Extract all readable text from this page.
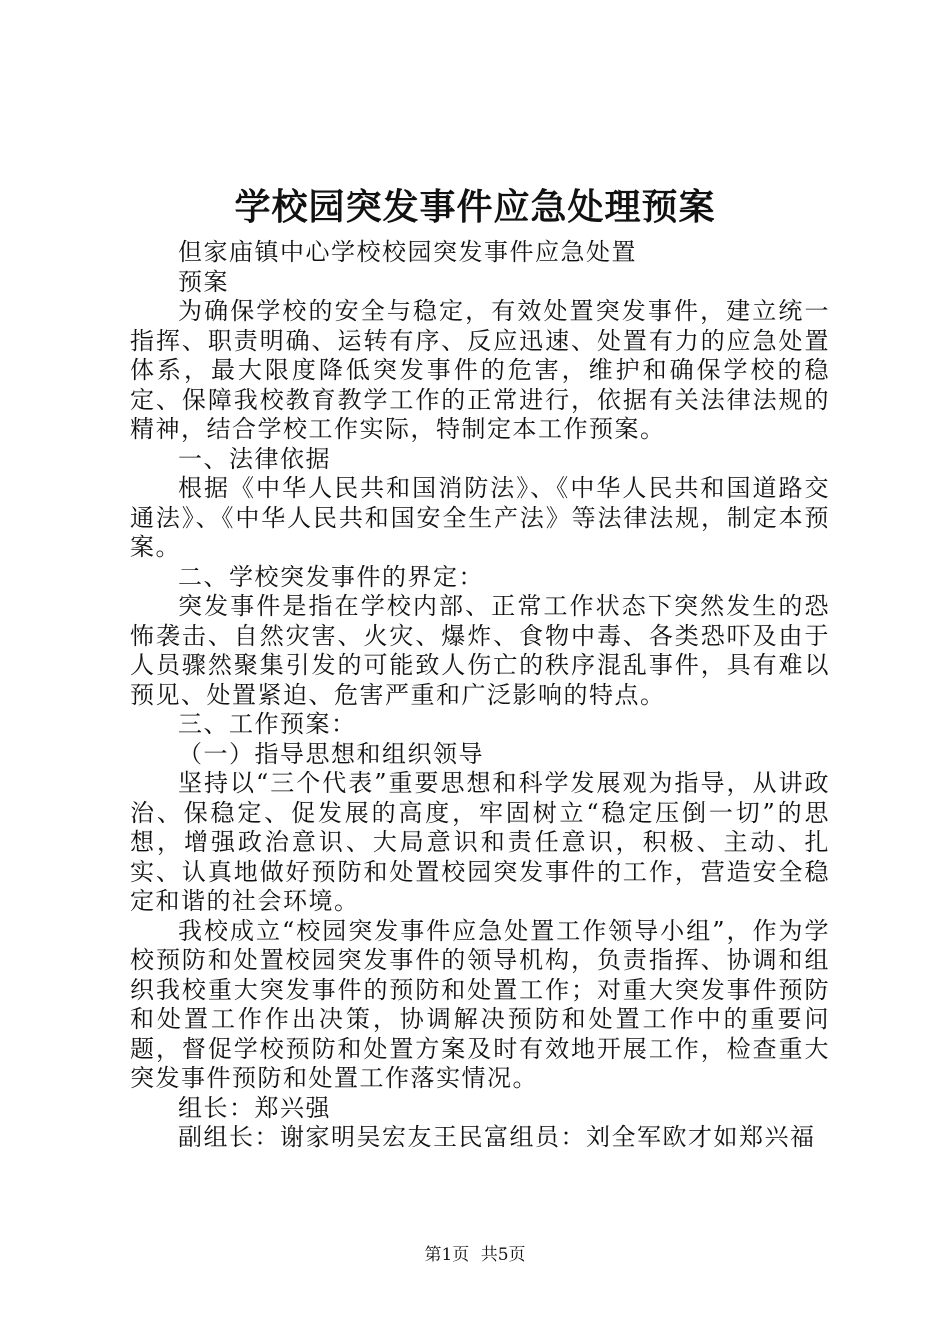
学校园突发事件应急处理预案

但家庙镇中心学校校园突发事件应急处置

预案

为确保学校的安全与稳定，有效处置突发事件，建立统一指挥、职责明确、运转有序、反应迅速、处置有力的应急处置体系，最大限度降低突发事件的危害，维护和确保学校的稳定、保障我校教育教学工作的正常进行，依据有关法律法规的精神，结合学校工作实际，特制定本工作预案。

一、法律依据

根据《中华人民共和国消防法》、《中华人民共和国道路交通法》、《中华人民共和国安全生产法》等法律法规，制定本预案。

二、学校突发事件的界定：

突发事件是指在学校内部、正常工作状态下突然发生的恐怖袭击、自然灾害、火灾、爆炸、食物中毒、各类恐吓及由于人员骤然聚集引发的可能致人伤亡的秩序混乱事件，具有难以预见、处置紧迫、危害严重和广泛影响的特点。

三、工作预案：

（一）指导思想和组织领导

坚持以“三个代表”重要思想和科学发展观为指导，从讲政治、保稳定、促发展的高度，牢固树立“稳定压倒一切”的思想，增强政治意识、大局意识和责任意识，积极、主动、扎实、认真地做好预防和处置校园突发事件的工作，营造安全稳定和谐的社会环境。

我校成立“校园突发事件应急处置工作领导小组”，作为学校预防和处置校园突发事件的领导机构，负责指挥、协调和组织我校重大突发事件的预防和处置工作；对重大突发事件预防和处置工作作出决策，协调解决预防和处置工作中的重要问题，督促学校预防和处置方案及时有效地开展工作，检查重大突发事件预防和处置工作落实情况。

组长：郑兴强

副组长：谢家明吴宏友王民富组员：刘全军欧才如郑兴福

第1页 共5页
